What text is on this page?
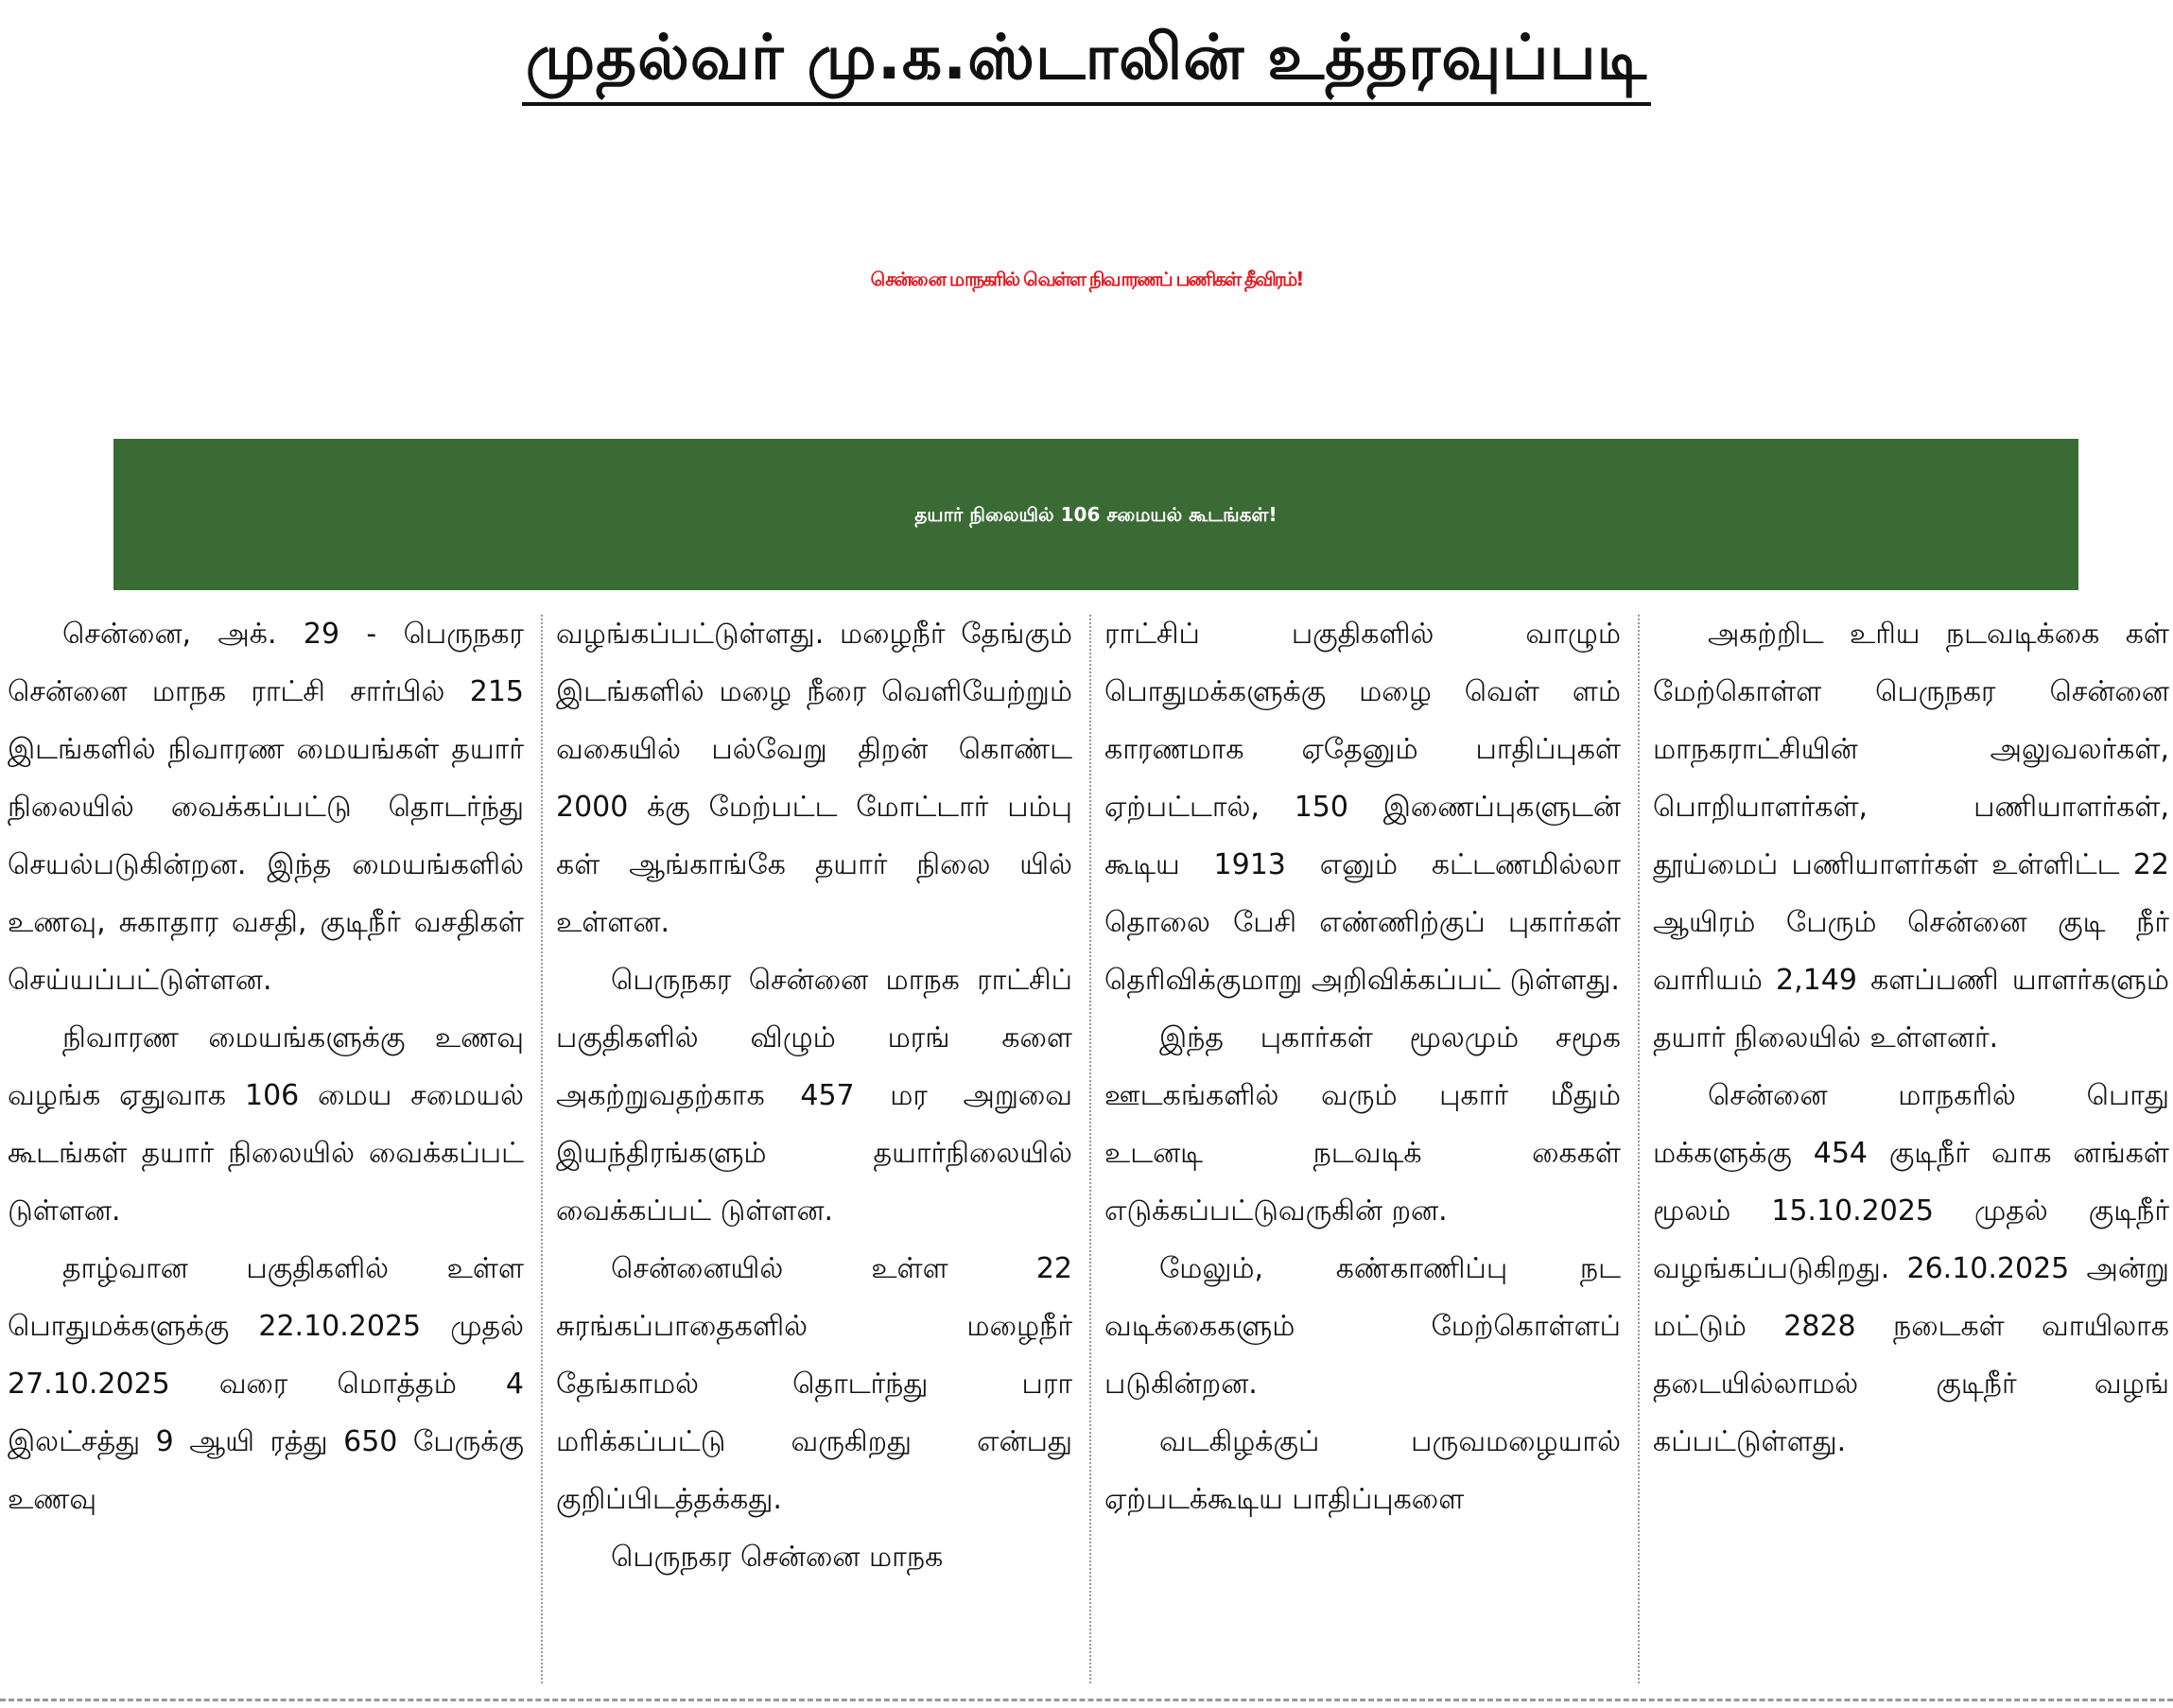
முதல்வர் மு.க.ஸ்டாலின் உத்தரவுப்படி
சென்னை மாநகரில் வெள்ள நிவாரணப் பணிகள் தீவிரம்!
தயார் நிலையில் 106 சமையல் கூடங்கள்!

சென்னை, அக். 29 - பெருநகர சென்னை மாநக ராட்சி சார்பில் 215 இடங்களில் நிவாரண மையங்கள் தயார் நிலையில் வைக்கப்பட்டு தொடர்ந்து செயல்படுகின்றன. இந்த மையங்களில் உணவு, சுகாதார வசதி, குடிநீர் வசதிகள் செய்யப்பட்டுள்ளன.

நிவாரண மையங்களுக்கு உணவு வழங்க ஏதுவாக 106 மைய சமையல் கூடங்கள் தயார் நிலையில் வைக்கப்பட் டுள்ளன.

தாழ்வான பகுதிகளில் உள்ள பொதுமக்களுக்கு 22.10.2025 முதல் 27.10.2025 வரை மொத்தம் 4 இலட்சத்து 9 ஆயி ரத்து 650 பேருக்கு உணவு

வழங்கப்பட்டுள்ளது. மழைநீர் தேங்கும் இடங்களில் மழை நீரை வெளியேற்றும் வகையில் பல்வேறு திறன் கொண்ட 2000 க்கு மேற்பட்ட மோட்டார் பம்பு கள் ஆங்காங்கே தயார் நிலை யில் உள்ளன.

பெருநகர சென்னை மாநக ராட்சிப் பகுதிகளில் விழும் மரங் களை அகற்றுவதற்காக 457 மர அறுவை இயந்திரங்களும் தயார்நிலையில் வைக்கப்பட் டுள்ளன.

சென்னையில் உள்ள 22 சுரங்கப்பாதைகளில் மழைநீர் தேங்காமல் தொடர்ந்து பரா மரிக்கப்பட்டு வருகிறது என்பது குறிப்பிடத்தக்கது.

பெருநகர சென்னை மாநக

ராட்சிப் பகுதிகளில் வாழும் பொதுமக்களுக்கு மழை வெள் ளம் காரணமாக ஏதேனும் பாதிப்புகள் ஏற்பட்டால், 150 இணைப்புகளுடன் கூடிய 1913 எனும் கட்டணமில்லா தொலை பேசி எண்ணிற்குப் புகார்கள் தெரிவிக்குமாறு அறிவிக்கப்பட் டுள்ளது.

இந்த புகார்கள் மூலமும் சமூக ஊடகங்களில் வரும் புகார் மீதும் உடனடி நடவடிக் கைகள் எடுக்கப்பட்டுவருகின் றன.

மேலும், கண்காணிப்பு நட வடிக்கைகளும் மேற்கொள்ளப் படுகின்றன.

வடகிழக்குப் பருவமழையால் ஏற்படக்கூடிய பாதிப்புகளை

அகற்றிட உரிய நடவடிக்கை கள் மேற்கொள்ள பெருநகர சென்னை மாநகராட்சியின் அலுவலர்கள், பொறியாளர்கள், பணியாளர்கள், தூய்மைப் பணியாளர்கள் உள்ளிட்ட 22 ஆயிரம் பேரும் சென்னை குடி நீர் வாரியம் 2,149 களப்பணி யாளர்களும் தயார் நிலையில் உள்ளனர்.

சென்னை மாநகரில் பொது மக்களுக்கு 454 குடிநீர் வாக னங்கள் மூலம் 15.10.2025 முதல் குடிநீர் வழங்கப்படுகிறது. 26.10.2025 அன்று மட்டும் 2828 நடைகள் வாயிலாக தடையில்லாமல் குடிநீர் வழங் கப்பட்டுள்ளது.
